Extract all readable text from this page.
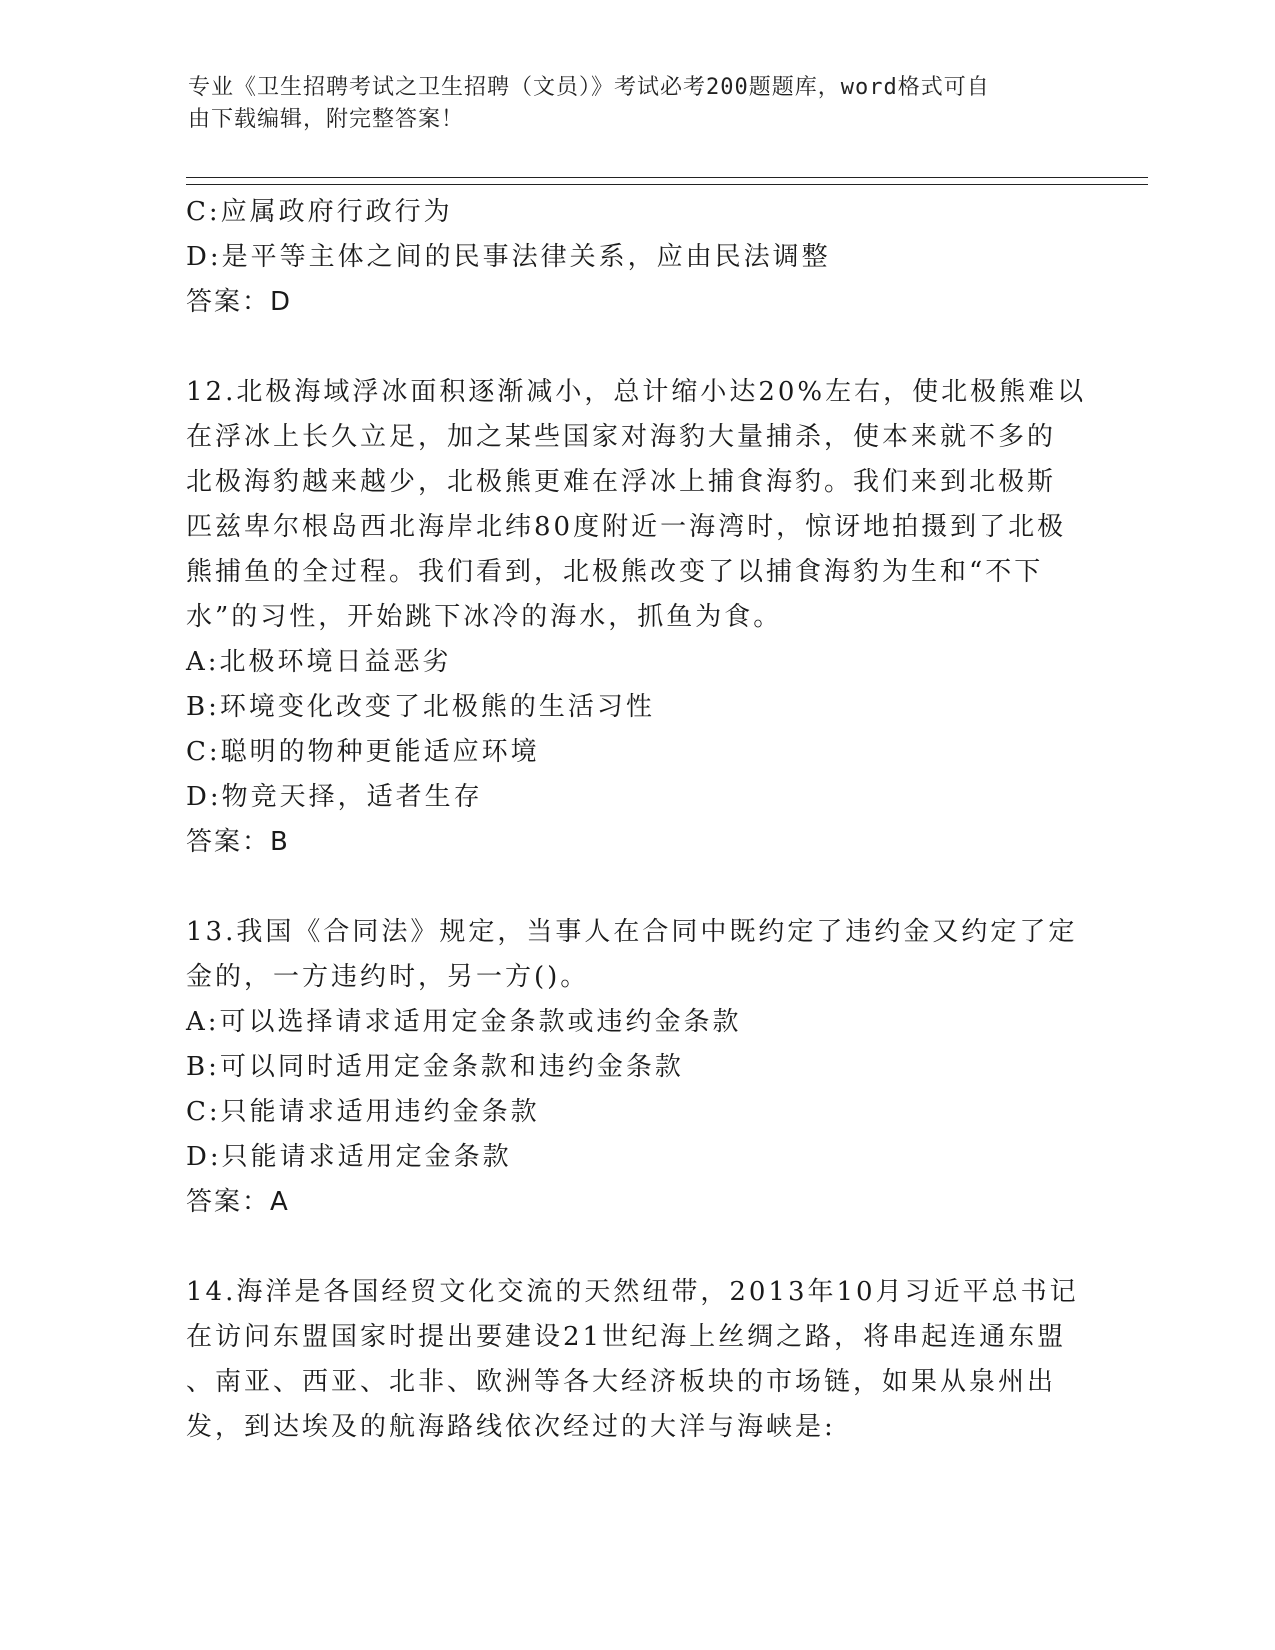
专业《卫生招聘考试之卫生招聘（文员）》考试必考200题题库，word格式可自
由下载编辑，附完整答案！
C:应属政府行政行为
D:是平等主体之间的民事法律关系，应由民法调整
答案：D
12.北极海域浮冰面积逐渐减小，总计缩小达20%左右，使北极熊难以
在浮冰上长久立足，加之某些国家对海豹大量捕杀，使本来就不多的
北极海豹越来越少，北极熊更难在浮冰上捕食海豹。我们来到北极斯
匹兹卑尔根岛西北海岸北纬80度附近一海湾时，惊讶地拍摄到了北极
熊捕鱼的全过程。我们看到，北极熊改变了以捕食海豹为生和“不下
水”的习性，开始跳下冰冷的海水，抓鱼为食。
A:北极环境日益恶劣
B:环境变化改变了北极熊的生活习性
C:聪明的物种更能适应环境
D:物竞天择，适者生存
答案：B
13.我国《合同法》规定，当事人在合同中既约定了违约金又约定了定
金的，一方违约时，另一方()。
A:可以选择请求适用定金条款或违约金条款
B:可以同时适用定金条款和违约金条款
C:只能请求适用违约金条款
D:只能请求适用定金条款
答案：A
14.海洋是各国经贸文化交流的天然纽带，2013年10月习近平总书记
在访问东盟国家时提出要建设21世纪海上丝绸之路，将串起连通东盟
、南亚、西亚、北非、欧洲等各大经济板块的市场链，如果从泉州出
发，到达埃及的航海路线依次经过的大洋与海峡是:
